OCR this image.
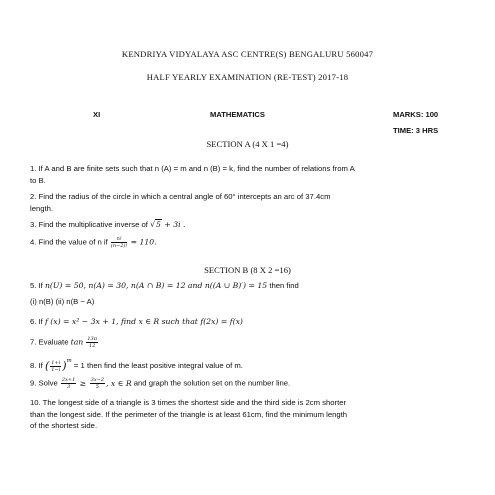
KENDRIYA VIDYALAYA ASC CENTRE(S) BENGALURU 560047
HALF YEARLY EXAMINATION (RE-TEST) 2017-18
XI	MATHEMATICS	MARKS: 100
TIME: 3 HRS
SECTION A (4 X 1 =4)
1. If A and B are finite sets such that n (A) = m and n (B) = k, find the number of relations from A
to B.
2. Find the radius of the circle in which a central angle of 60° intercepts an arc of 37.4cm
length.
3. Find the multiplicative inverse of √5 + 3i .
4. Find the value of n if $\frac{n!}{(n-2)!} = 110$.
SECTION B (8 X 2 =16)
5. If n(U) = 50, n(A) = 30, n(A ∩ B) = 12 and n((A ∪ B)′) = 15 then find
(i) n(B) (ii) n(B − A)
6. If f (x) = x² − 3x + 1, find x ∈ R such that f(2x) = f(x)
7. Evaluate $\tan \frac{13\pi}{12}$
8. If ( $\frac{1+i}{1-i} )^m = 1$ then find the least positive integral value of m.
9. Solve $\frac{2x+1}{3} \ge \frac{3x-2}{5}$ , x ∈ R and graph the solution set on the number line.
10. The longest side of a triangle is 3 times the shortest side and the third side is 2cm shorter
than the longest side. If the perimeter of the triangle is at least 61cm, find the minimum length
of the shortest side.
